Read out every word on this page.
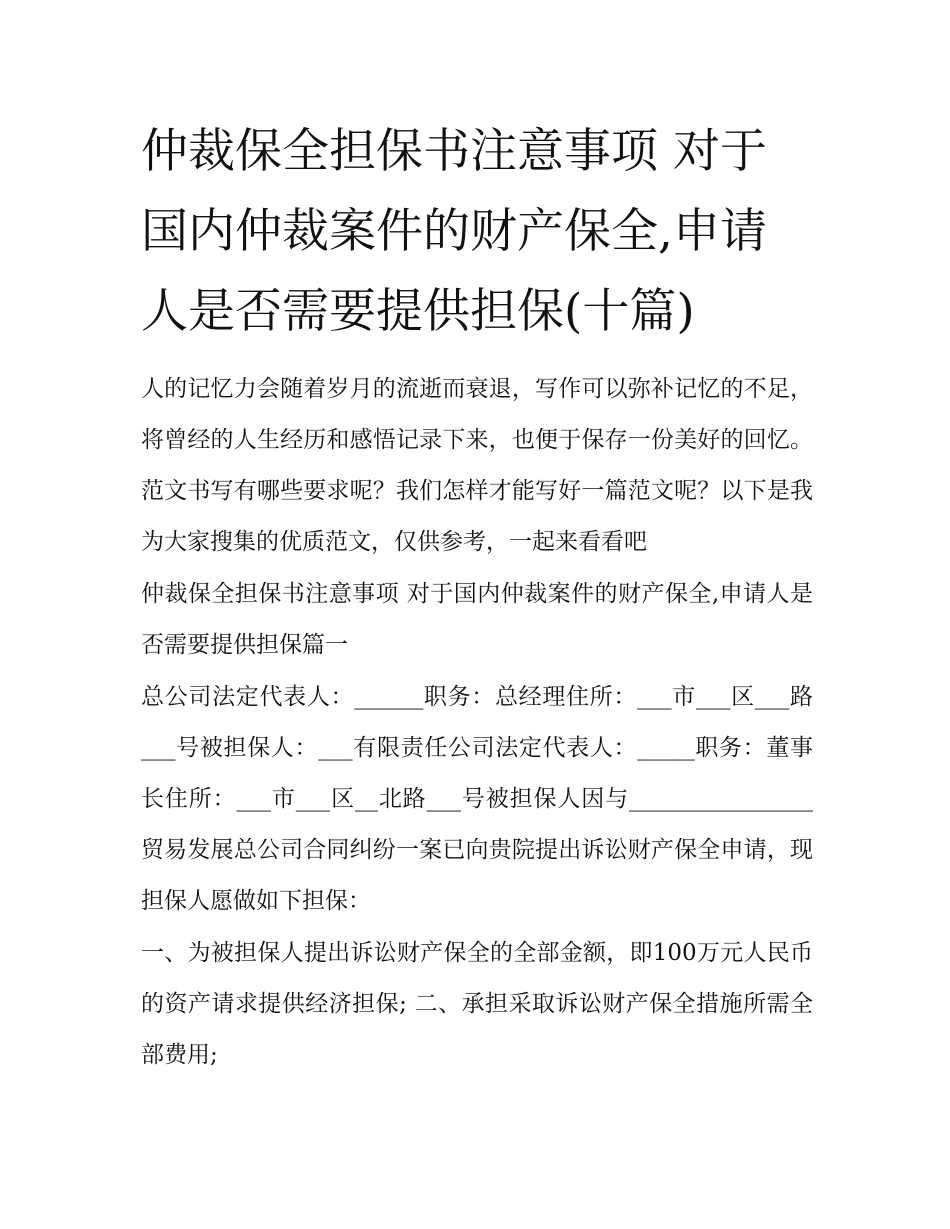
仲裁保全担保书注意事项 对于国内仲裁案件的财产保全,申请人是否需要提供担保(十篇)

人的记忆力会随着岁月的流逝而衰退，写作可以弥补记忆的不足，将曾经的人生经历和感悟记录下来，也便于保存一份美好的回忆。范文书写有哪些要求呢？我们怎样才能写好一篇范文呢？以下是我为大家搜集的优质范文，仅供参考，一起来看看吧

仲裁保全担保书注意事项 对于国内仲裁案件的财产保全,申请人是否需要提供担保篇一

总公司法定代表人：______职务：总经理住所：___市___区___路___号被担保人：___有限责任公司法定代表人：_____职务：董事长住所：___市___区__北路___号被担保人因与________________贸易发展总公司合同纠纷一案已向贵院提出诉讼财产保全申请，现担保人愿做如下担保：

一、为被担保人提出诉讼财产保全的全部金额，即100万元人民币的资产请求提供经济担保; 二、承担采取诉讼财产保全措施所需全部费用;
